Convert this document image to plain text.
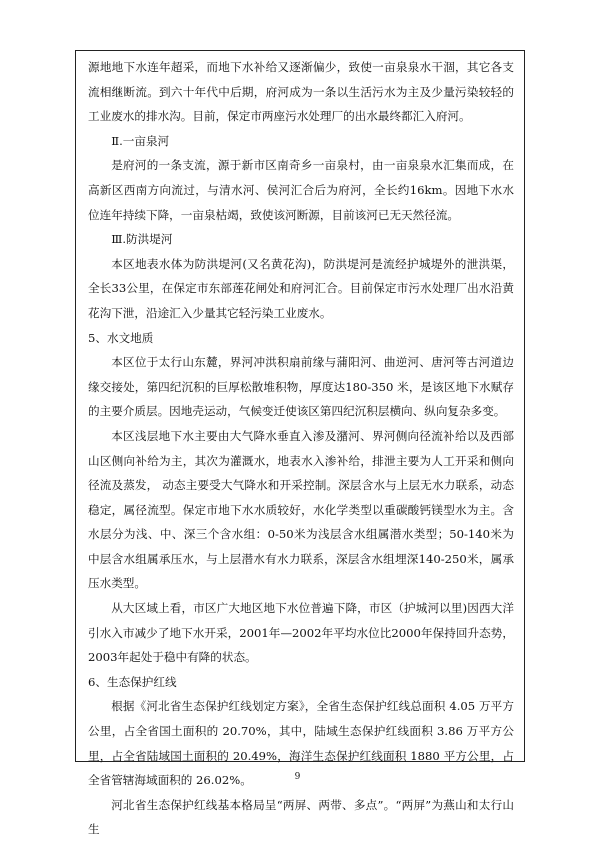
源地地下水连年超采，而地下水补给又逐渐偏少，致使一亩泉泉水干涸，其它各支流相继断流。到六十年代中后期，府河成为一条以生活污水为主及少量污染较轻的工业废水的排水沟。目前，保定市两座污水处理厂的出水最终都汇入府河。

Ⅱ.一亩泉河

是府河的一条支流，源于新市区南奇乡一亩泉村，由一亩泉泉水汇集而成，在高新区西南方向流过，与清水河、侯河汇合后为府河，全长约16km。因地下水水位连年持续下降，一亩泉枯竭，致使该河断源，目前该河已无天然径流。

Ⅲ.防洪堤河

本区地表水体为防洪堤河(又名黄花沟)，防洪堤河是流经护城堤外的泄洪渠，全长33公里，在保定市东部莲花闸处和府河汇合。目前保定市污水处理厂出水沿黄花沟下泄，沿途汇入少量其它轻污染工业废水。

5、水文地质

本区位于太行山东麓，界河冲洪积扇前缘与蒲阳河、曲逆河、唐河等古河道边缘交接处，第四纪沉积的巨厚松散堆积物，厚度达180-350 米，是该区地下水赋存的主要介质层。因地壳运动，气候变迁使该区第四纪沉积层横向、纵向复杂多变。

本区浅层地下水主要由大气降水垂直入渗及潴河、界河侧向径流补给以及西部山区侧向补给为主，其次为灌溉水，地表水入渗补给，排泄主要为人工开采和侧向径流及蒸发， 动态主要受大气降水和开采控制。深层含水与上层无水力联系，动态稳定，属径流型。保定市地下水水质较好，水化学类型以重碳酸钙镁型水为主。含水层分为浅、中、深三个含水组：0-50米为浅层含水组属潜水类型；50-140米为中层含水组属承压水，与上层潜水有水力联系，深层含水组埋深140-250米，属承压水类型。

从大区域上看，市区广大地区地下水位普遍下降，市区（护城河以里)因西大洋引水入市减少了地下水开采，2001年—2002年平均水位比2000年保持回升态势，2003年起处于稳中有降的状态。

6、生态保护红线

根据《河北省生态保护红线划定方案》，全省生态保护红线总面积 4.05 万平方公里，占全省国土面积的 20.70%，其中，陆域生态保护红线面积 3.86 万平方公里，占全省陆域国土面积的 20.49%，海洋生态保护红线面积 1880 平方公里，占全省管辖海域面积的 26.02%。

河北省生态保护红线基本格局呈“两屏、两带、多点”。“两屏”为燕山和太行山生

9
